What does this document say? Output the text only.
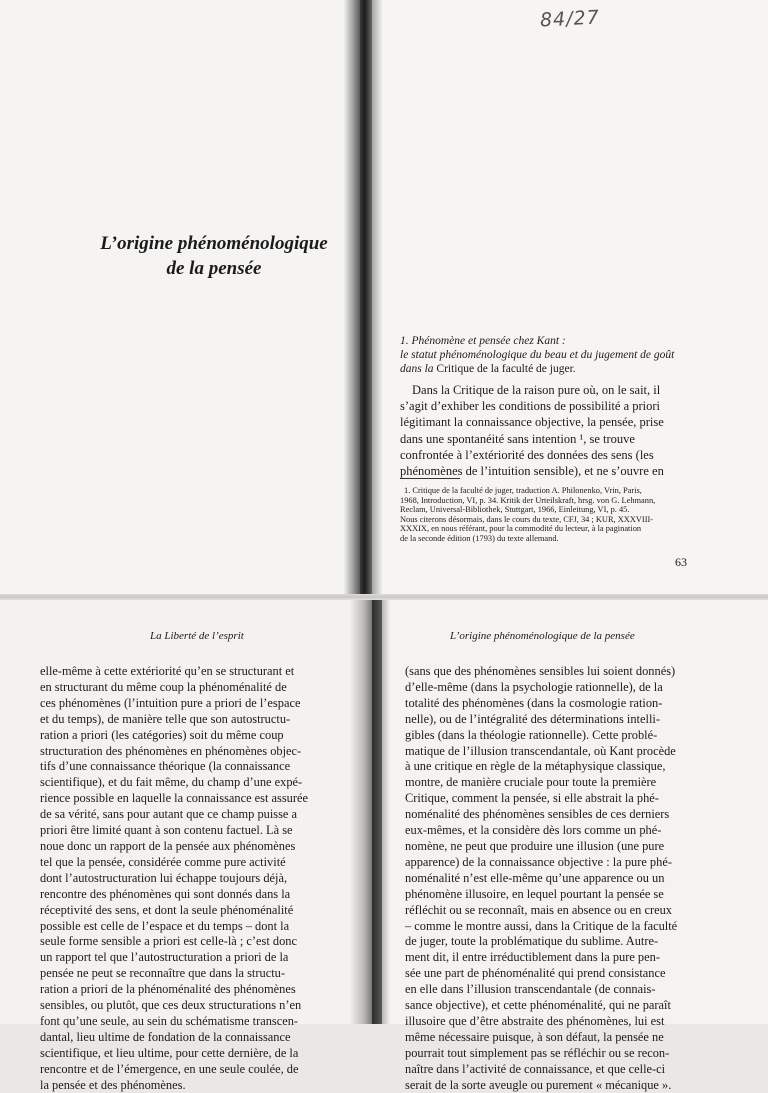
84/27
L’origine phénoménologique
de la pensée
1. Phénomène et pensée chez Kant :
le statut phénoménologique du beau et du jugement de goût
dans la Critique de la faculté de juger.
Dans la Critique de la raison pure où, on le sait, il
s’agit d’exhiber les conditions de possibilité a priori
légitimant la connaissance objective, la pensée, prise
dans une spontanéité sans intention ¹, se trouve
confrontée à l’extériorité des données des sens (les
phénomènes de l’intuition sensible), et ne s’ouvre en
1. Critique de la faculté de juger, traduction A. Philonenko, Vrin, Paris,
1968, Introduction, VI, p. 34. Kritik der Urteilskraft, hrsg. von G. Lehmann,
Reclam, Universal-Bibliothek, Stuttgart, 1966, Einleitung, VI, p. 45.
Nous citerons désormais, dans le cours du texte, CFJ, 34 ; KUR, XXXVIII-
XXXIX, en nous référant, pour la commodité du lecteur, à la pagination
de la seconde édition (1793) du texte allemand.
63
La Liberté de l’esprit	L’origine phénoménologique de la pensée
elle-même à cette extériorité qu’en se structurant et
en structurant du même coup la phénoménalité de
ces phénomènes (l’intuition pure a priori de l’espace
et du temps), de manière telle que son autostructu-
ration a priori (les catégories) soit du même coup
structuration des phénomènes en phénomènes objec-
tifs d’une connaissance théorique (la connaissance
scientifique), et du fait même, du champ d’une expé-
rience possible en laquelle la connaissance est assurée
de sa vérité, sans pour autant que ce champ puisse a
priori être limité quant à son contenu factuel. Là se
noue donc un rapport de la pensée aux phénomènes
tel que la pensée, considérée comme pure activité
dont l’autostructuration lui échappe toujours déjà,
rencontre des phénomènes qui sont donnés dans la
réceptivité des sens, et dont la seule phénoménalité
possible est celle de l’espace et du temps – dont la
seule forme sensible a priori est celle-là ; c’est donc
un rapport tel que l’autostructuration a priori de la
pensée ne peut se reconnaître que dans la structu-
ration a priori de la phénoménalité des phénomènes
sensibles, ou plutôt, que ces deux structurations n’en
font qu’une seule, au sein du schématisme transcen-
dantal, lieu ultime de fondation de la connaissance
scientifique, et lieu ultime, pour cette dernière, de la
rencontre et de l’émergence, en une seule coulée, de
la pensée et des phénomènes.
(sans que des phénomènes sensibles lui soient donnés)
d’elle-même (dans la psychologie rationnelle), de la
totalité des phénomènes (dans la cosmologie ration-
nelle), ou de l’intégralité des déterminations intelli-
gibles (dans la théologie rationnelle). Cette problé-
matique de l’illusion transcendantale, où Kant procède
à une critique en règle de la métaphysique classique,
montre, de manière cruciale pour toute la première
Critique, comment la pensée, si elle abstrait la phé-
noménalité des phénomènes sensibles de ces derniers
eux-mêmes, et la considère dès lors comme un phé-
nomène, ne peut que produire une illusion (une pure
apparence) de la connaissance objective : la pure phé-
noménalité n’est elle-même qu’une apparence ou un
phénomène illusoire, en lequel pourtant la pensée se
réfléchit ou se reconnaît, mais en absence ou en creux
– comme le montre aussi, dans la Critique de la faculté
de juger, toute la problématique du sublime. Autre-
ment dit, il entre irréductiblement dans la pure pen-
sée une part de phénoménalité qui prend consistance
en elle dans l’illusion transcendantale (de connais-
sance objective), et cette phénoménalité, qui ne paraît
illusoire que d’être abstraite des phénomènes, lui est
même nécessaire puisque, à son défaut, la pensée ne
pourrait tout simplement pas se réfléchir ou se recon-
naître dans l’activité de connaissance, et que celle-ci
serait de la sorte aveugle ou purement « mécanique ».
